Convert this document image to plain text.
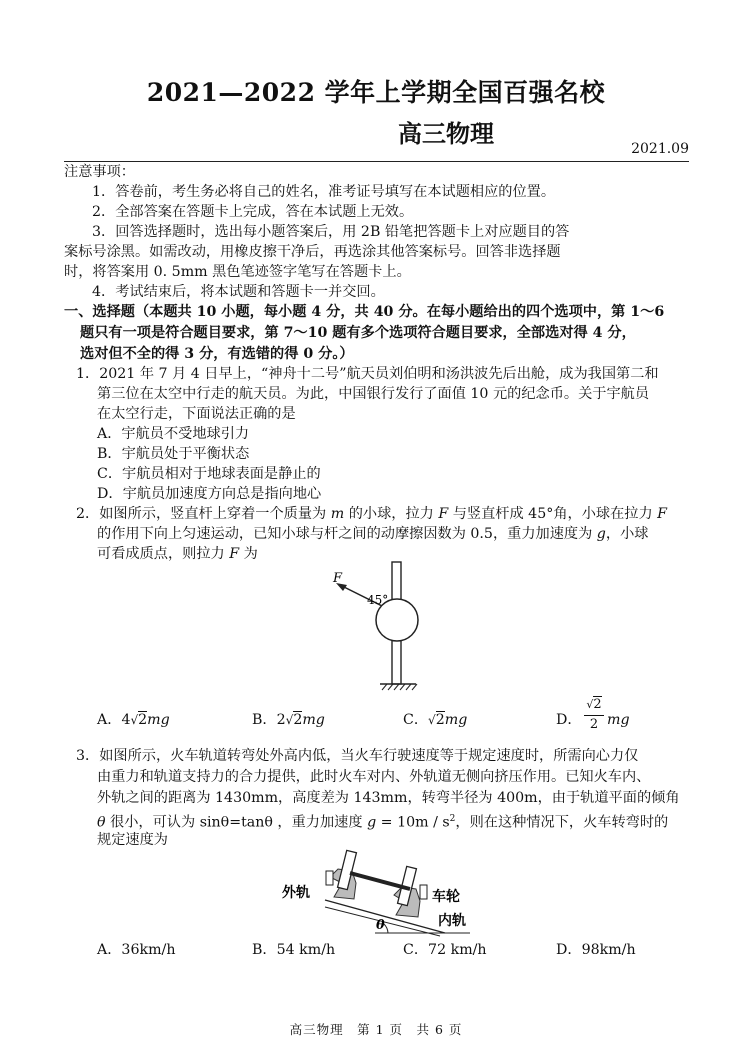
2021—2022 学年上学期全国百强名校
高三物理
2021.09
注意事项：
1．答卷前，考生务必将自己的姓名，准考证号填写在本试题相应的位置。
2．全部答案在答题卡上完成，答在本试题上无效。
3．回答选择题时，选出每小题答案后，用 2B 铅笔把答题卡上对应题目的答
案标号涂黑。如需改动，用橡皮擦干净后，再选涂其他答案标号。回答非选择题
时，将答案用 0. 5mm 黑色笔迹签字笔写在答题卡上。
4．考试结束后，将本试题和答题卡一并交回。
一、选择题（本题共 10 小题，每小题 4 分，共 40 分。在每小题给出的四个选项中，第 1～6
题只有一项是符合题目要求，第 7～10 题有多个选项符合题目要求，全部选对得 4 分，
选对但不全的得 3 分，有选错的得 0 分。）
1．2021 年 7 月 4 日早上，“神舟十二号”航天员刘伯明和汤洪波先后出舱，成为我国第二和
第三位在太空中行走的航天员。为此，中国银行发行了面值 10 元的纪念币。关于宇航员
在太空行走，下面说法正确的是
A．宇航员不受地球引力
B．宇航员处于平衡状态
C．宇航员相对于地球表面是静止的
D．宇航员加速度方向总是指向地心
2．如图所示，竖直杆上穿着一个质量为 m 的小球，拉力 F 与竖直杆成 45°角，小球在拉力 F
的作用下向上匀速运动，已知小球与杆之间的动摩擦因数为 0.5，重力加速度为 g，小球
可看成质点，则拉力 F 为
F
45°
A．4√2mg	B．2√2mg	C．√2mg	D．
√2
2 mg
3．如图所示，火车轨道转弯处外高内低，当火车行驶速度等于规定速度时，所需向心力仅
由重力和轨道支持力的合力提供，此时火车对内、外轨道无侧向挤压作用。已知火车内、
外轨之间的距离为 1430mm，高度差为 143mm，转弯半径为 400m，由于轨道平面的倾角
θ 很小，可认为 sinθ=tanθ ，重力加速度 $g = 10m / s^2$，则在这种情况下，火车转弯时的
规定速度为
外轨	车轮
内轨
θ
A．36km/h	B．54 km/h	C．72 km/h	D．98km/h
高三物理　第 1 页　共 6 页
